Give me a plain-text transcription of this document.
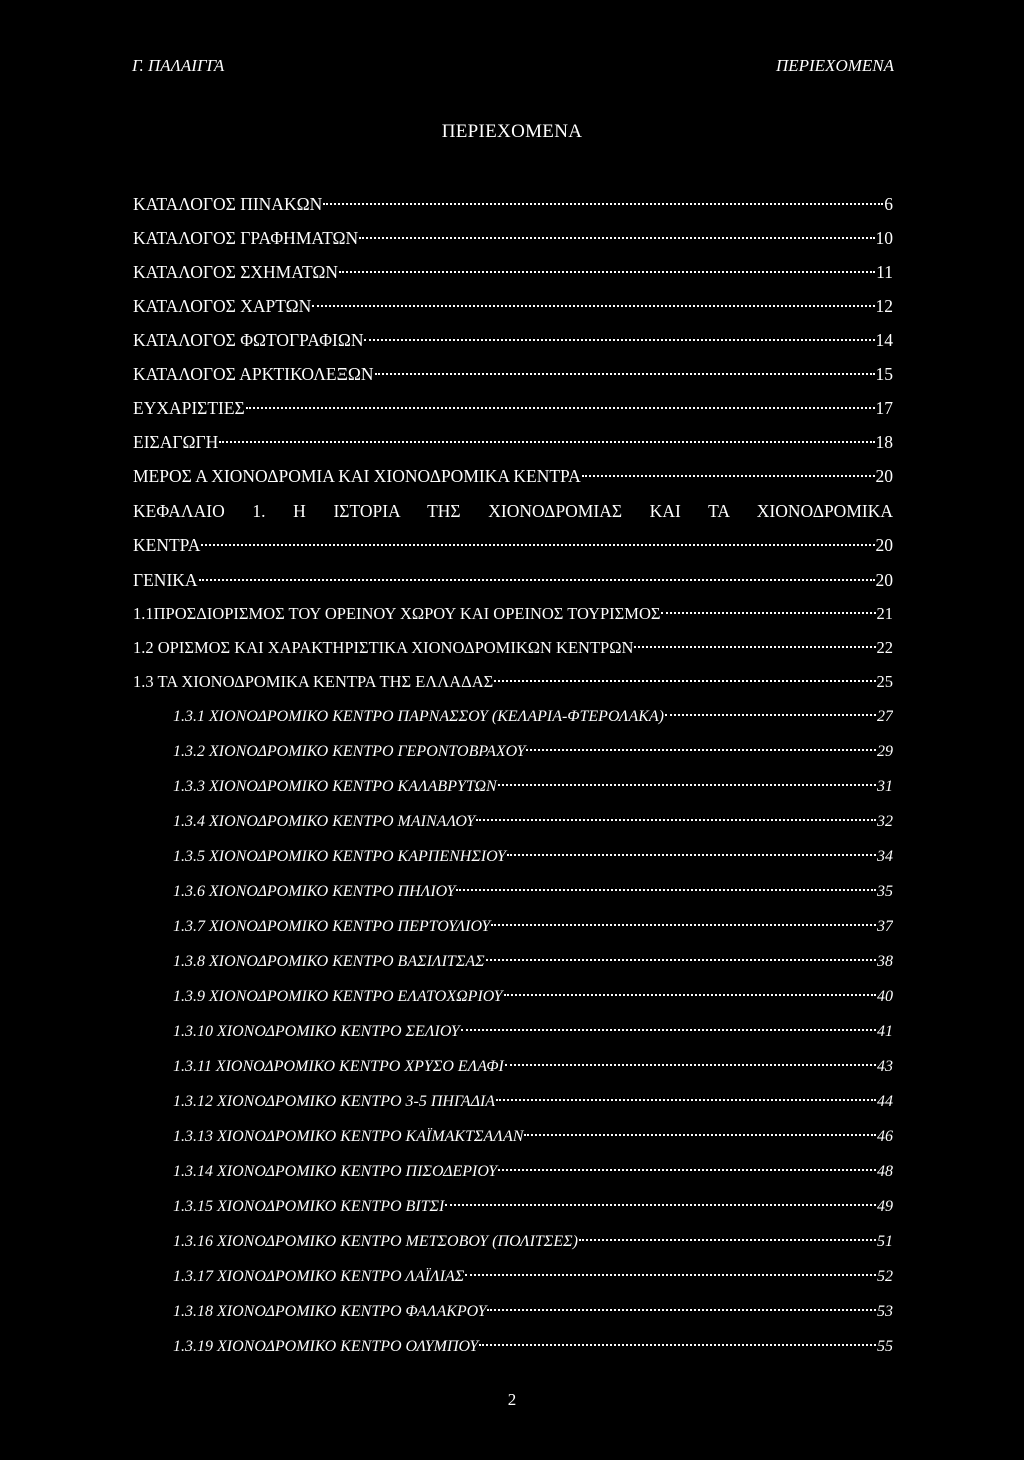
Γ. ΠΑΛΑΙΓΓΑ	ΠΕΡΙΕΧΟΜΕΝΑ
ΠΕΡΙΕΧΟΜΕΝΑ
ΚΑΤΑΛΟΓΟΣ ΠΙΝΑΚΩΝ	6
ΚΑΤΑΛΟΓΟΣ ΓΡΑΦΗΜΑΤΩΝ	10
ΚΑΤΑΛΟΓΟΣ ΣΧΗΜΑΤΩΝ	11
ΚΑΤΑΛΟΓΟΣ ΧΑΡΤΩΝ	12
ΚΑΤΑΛΟΓΟΣ ΦΩΤΟΓΡΑΦΙΩΝ	14
ΚΑΤΑΛΟΓΟΣ ΑΡΚΤΙΚΟΛΕΞΩΝ	15
ΕΥΧΑΡΙΣΤΙΕΣ	17
ΕΙΣΑΓΩΓΗ	18
ΜΕΡΟΣ Α ΧΙΟΝΟΔΡΟΜΙΑ ΚΑΙ ΧΙΟΝΟΔΡΟΜΙΚΑ ΚΕΝΤΡΑ	20
ΚΕΦΑΛΑΙΟ 1. Η ΙΣΤΟΡΙΑ ΤΗΣ ΧΙΟΝΟΔΡΟΜΙΑΣ ΚΑΙ ΤΑ ΧΙΟΝΟΔΡΟΜΙΚΑ
ΚΕΝΤΡΑ	20
ΓΕΝΙΚΑ	20
1.1ΠΡΟΣΔΙΟΡΙΣΜΟΣ ΤΟΥ ΟΡΕΙΝΟΥ ΧΩΡΟΥ ΚΑΙ ΟΡΕΙΝΟΣ ΤΟΥΡΙΣΜΟΣ	21
1.2 ΟΡΙΣΜΟΣ ΚΑΙ ΧΑΡΑΚΤΗΡΙΣΤΙΚΑ ΧΙΟΝΟΔΡΟΜΙΚΩΝ ΚΕΝΤΡΩΝ	22
1.3 ΤΑ ΧΙΟΝΟΔΡΟΜΙΚΑ ΚΕΝΤΡΑ ΤΗΣ ΕΛΛΑΔΑΣ	25
1.3.1 ΧΙΟΝΟΔΡΟΜΙΚΟ ΚΕΝΤΡΟ ΠΑΡΝΑΣΣΟΥ (ΚΕΛΑΡΙΑ-ΦΤΕΡΟΛΑΚΑ)	27
1.3.2 ΧΙΟΝΟΔΡΟΜΙΚΟ ΚΕΝΤΡΟ ΓΕΡΟΝΤΟΒΡΑΧΟΥ	29
1.3.3 ΧΙΟΝΟΔΡΟΜΙΚΟ ΚΕΝΤΡΟ ΚΑΛΑΒΡΥΤΩΝ	31
1.3.4 ΧΙΟΝΟΔΡΟΜΙΚΟ ΚΕΝΤΡΟ ΜΑΙΝΑΛΟΥ	32
1.3.5 ΧΙΟΝΟΔΡΟΜΙΚΟ ΚΕΝΤΡΟ ΚΑΡΠΕΝΗΣΙΟΥ	34
1.3.6 ΧΙΟΝΟΔΡΟΜΙΚΟ ΚΕΝΤΡΟ ΠΗΛΙΟΥ	35
1.3.7 ΧΙΟΝΟΔΡΟΜΙΚΟ ΚΕΝΤΡΟ ΠΕΡΤΟΥΛΙΟΥ	37
1.3.8 ΧΙΟΝΟΔΡΟΜΙΚΟ ΚΕΝΤΡΟ ΒΑΣΙΛΙΤΣΑΣ	38
1.3.9 ΧΙΟΝΟΔΡΟΜΙΚΟ ΚΕΝΤΡΟ ΕΛΑΤΟΧΩΡΙΟΥ	40
1.3.10 ΧΙΟΝΟΔΡΟΜΙΚΟ ΚΕΝΤΡΟ ΣΕΛΙΟΥ	41
1.3.11 ΧΙΟΝΟΔΡΟΜΙΚΟ ΚΕΝΤΡΟ ΧΡΥΣΟ ΕΛΑΦΙ	43
1.3.12 ΧΙΟΝΟΔΡΟΜΙΚΟ ΚΕΝΤΡΟ 3-5 ΠΗΓΑΔΙΑ	44
1.3.13 ΧΙΟΝΟΔΡΟΜΙΚΟ ΚΕΝΤΡΟ ΚΑΪΜΑΚΤΣΑΛΑΝ	46
1.3.14 ΧΙΟΝΟΔΡΟΜΙΚΟ ΚΕΝΤΡΟ ΠΙΣΟΔΕΡΙΟΥ	48
1.3.15 ΧΙΟΝΟΔΡΟΜΙΚΟ ΚΕΝΤΡΟ ΒΙΤΣΙ	49
1.3.16 ΧΙΟΝΟΔΡΟΜΙΚΟ ΚΕΝΤΡΟ ΜΕΤΣΟΒΟΥ (ΠΟΛΙΤΣΕΣ)	51
1.3.17 ΧΙΟΝΟΔΡΟΜΙΚΟ ΚΕΝΤΡΟ ΛΑΪΛΙΑΣ	52
1.3.18 ΧΙΟΝΟΔΡΟΜΙΚΟ ΚΕΝΤΡΟ ΦΑΛΑΚΡΟΥ	53
1.3.19 ΧΙΟΝΟΔΡΟΜΙΚΟ ΚΕΝΤΡΟ ΟΛΥΜΠΟΥ	55
2
